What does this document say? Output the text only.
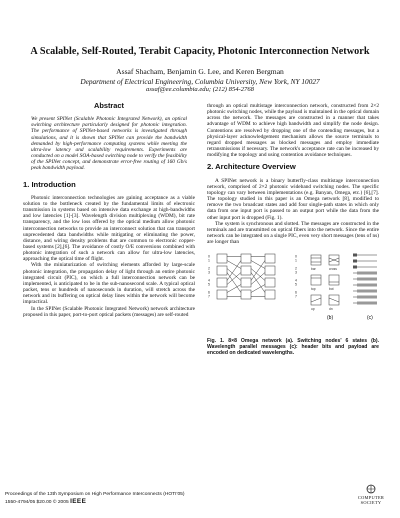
A Scalable, Self-Routed, Terabit Capacity, Photonic Interconnection Network
Assaf Shacham, Benjamin G. Lee, and Keren Bergman
Department of Electrical Engineering, Columbia University, New York, NY 10027
assaf@ee.columbia.edu; (212) 854-2768
Abstract
We present SPINet (Scalable Photonic Integrated Network), an optical switching architecture particularly designed for photonic integration. The performance of SPINet-based networks is investigated through simulations, and it is shown that SPINet can provide the bandwidth demanded by high-performance computing systems while meeting the ultra-low latency and scalability requirements. Experiments are conducted on a model SOA-based switching node to verify the feasibility of the SPINet concept, and demonstrate error-free routing of 160 Gb/s peak bandwidth payload.
1. Introduction

Photonic interconnection technologies are gaining acceptance as a viable solution to the bottleneck created by the fundamental limits of electronic transmission in systems based on intensive data exchange at high-bandwidths and low latencies [1]-[3]. Wavelength division multiplexing (WDM), bit rate transparency, and the low loss offered by the optical medium allow photonic interconnection networks to provide an interconnect solution that can transport unprecedented data bandwidths while mitigating or eliminating the power, distance, and wiring density problems that are common to electronic copper-based systems [2],[6]. The avoidance of costly O/E conversions combined with photonic integration of such a network can allow for ultra-low latencies, approaching the optical time of flight.

With the miniaturization of switching elements afforded by large-scale photonic integration, the propagation delay of light through an entire photonic integrated circuit (PIC), on which a full interconnection network can be implemented, is anticipated to be in the sub-nanosecond scale. A typical optical packet, tens or hundreds of nanoseconds in duration, will stretch across the network and its buffering on optical delay lines within the network will become impractical.

In the SPINet (Scalable Photonic Integrated Network) network architecture proposed in this paper, port-to-port optical packets (messages) are self-routed

through an optical multistage interconnection network, constructed from 2×2 photonic switching nodes, while the payload is maintained in the optical domain across the network. The messages are constructed in a manner that takes advantage of WDM to achieve high bandwidth and simplify the node design. Contentions are resolved by dropping one of the contending messages, but a physical-layer acknowledgement mechanism allows the source terminals to regard dropped messages as blocked messages and employ immediate retransmissions if necessary. The network's acceptance rate can be increased by modifying the topology and using contention avoidance techniques.
2. Architecture Overview

A SPINet network is a binary butterfly-class multistage interconnection network, comprised of 2×2 photonic wideband switching nodes. The specific topology can vary between implementations (e.g. Banyan, Omega, etc.) [6],[7]. The topology studied in this paper is an Omega network [8], modified to remove the two broadcast states and add four single-path states in which only data from one input port is passed to an output port while the data from the other input port is dropped (Fig. 1).

The system is synchronous and slotted. The messages are constructed in the terminals and are transmitted on optical fibers into the network. Since the entire network can be integrated on a single PIC, even very short messages (tens of ns) are longer than

0	0
1	1
2	2
3	3
4	4
5	5
6	6
7	7
bar	cross
top	bot
up	dn
(b)	(c)
Fig. 1. 8×8 Omega network (a). Switching nodes' 6 states (b). Wavelength parallel messages (c): header bits and payload are encoded on dedicated wavelengths.
Proceedings of the 13th Symposium on High Performance Interconnects (HOTI'05)
1550-4794/05 $20.00 © 2005 IEEE
COMPUTER
SOCIETY
